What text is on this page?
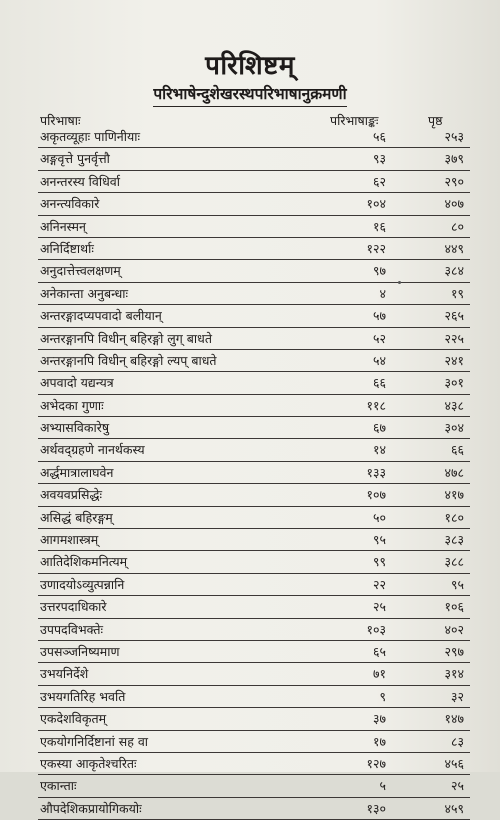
परिशिष्टम्
परिभाषेन्दुशेखरस्थपरिभाषानुक्रमणी
परिभाषाः	परिभाषाङ्कः	पृष्ठ
अकृतव्यूहाः पाणिनीयाः	५६	२५३
अङ्गवृत्ते पुनर्वृत्तौ	९३	३७९
अनन्तरस्य विधिर्वा	६२	२९०
अनन्त्यविकारे	१०४	४०७
अनिनस्मन्	१६	८०
अनिर्दिष्टार्थाः	१२२	४४९
अनुदात्तेत्त्वलक्षणम्	९७	३८४
अनेकान्ता अनुबन्धाः	४	१९
अन्तरङ्गादप्यपवादो बलीयान्	५७	२६५
अन्तरङ्गानपि विधीन् बहिरङ्गो लुग् बाधते	५२	२२५
अन्तरङ्गानपि विधीन् बहिरङ्गो ल्यप् बाधते	५४	२४१
अपवादो यद्यन्यत्र	६६	३०१
अभेदका गुणाः	११८	४३८
अभ्यासविकारेषु	६७	३०४
अर्थवद्ग्रहणे नानर्थकस्य	१४	६६
अर्द्धमात्रालाघवेन	१३३	४७८
अवयवप्रसिद्धेः	१०७	४१७
असिद्धं बहिरङ्गम्	५०	१८०
आगमशास्त्रम्	९५	३८३
आतिदेशिकमनित्यम्	९९	३८८
उणादयोऽव्युत्पन्नानि	२२	९५
उत्तरपदाधिकारे	२५	१०६
उपपदविभक्तेः	१०३	४०२
उपसञ्जनिष्यमाण	६५	२९७
उभयनिर्देशे	७१	३१४
उभयगतिरिह भवति	९	३२
एकदेशविकृतम्	३७	१४७
एकयोगनिर्दिष्टानां सह वा	१७	८३
एकस्या आकृतेश्चरितः	१२७	४५६
एकान्ताः	५	२५
औपदेशिकप्रायोगिकयोः	१३०	४५९
